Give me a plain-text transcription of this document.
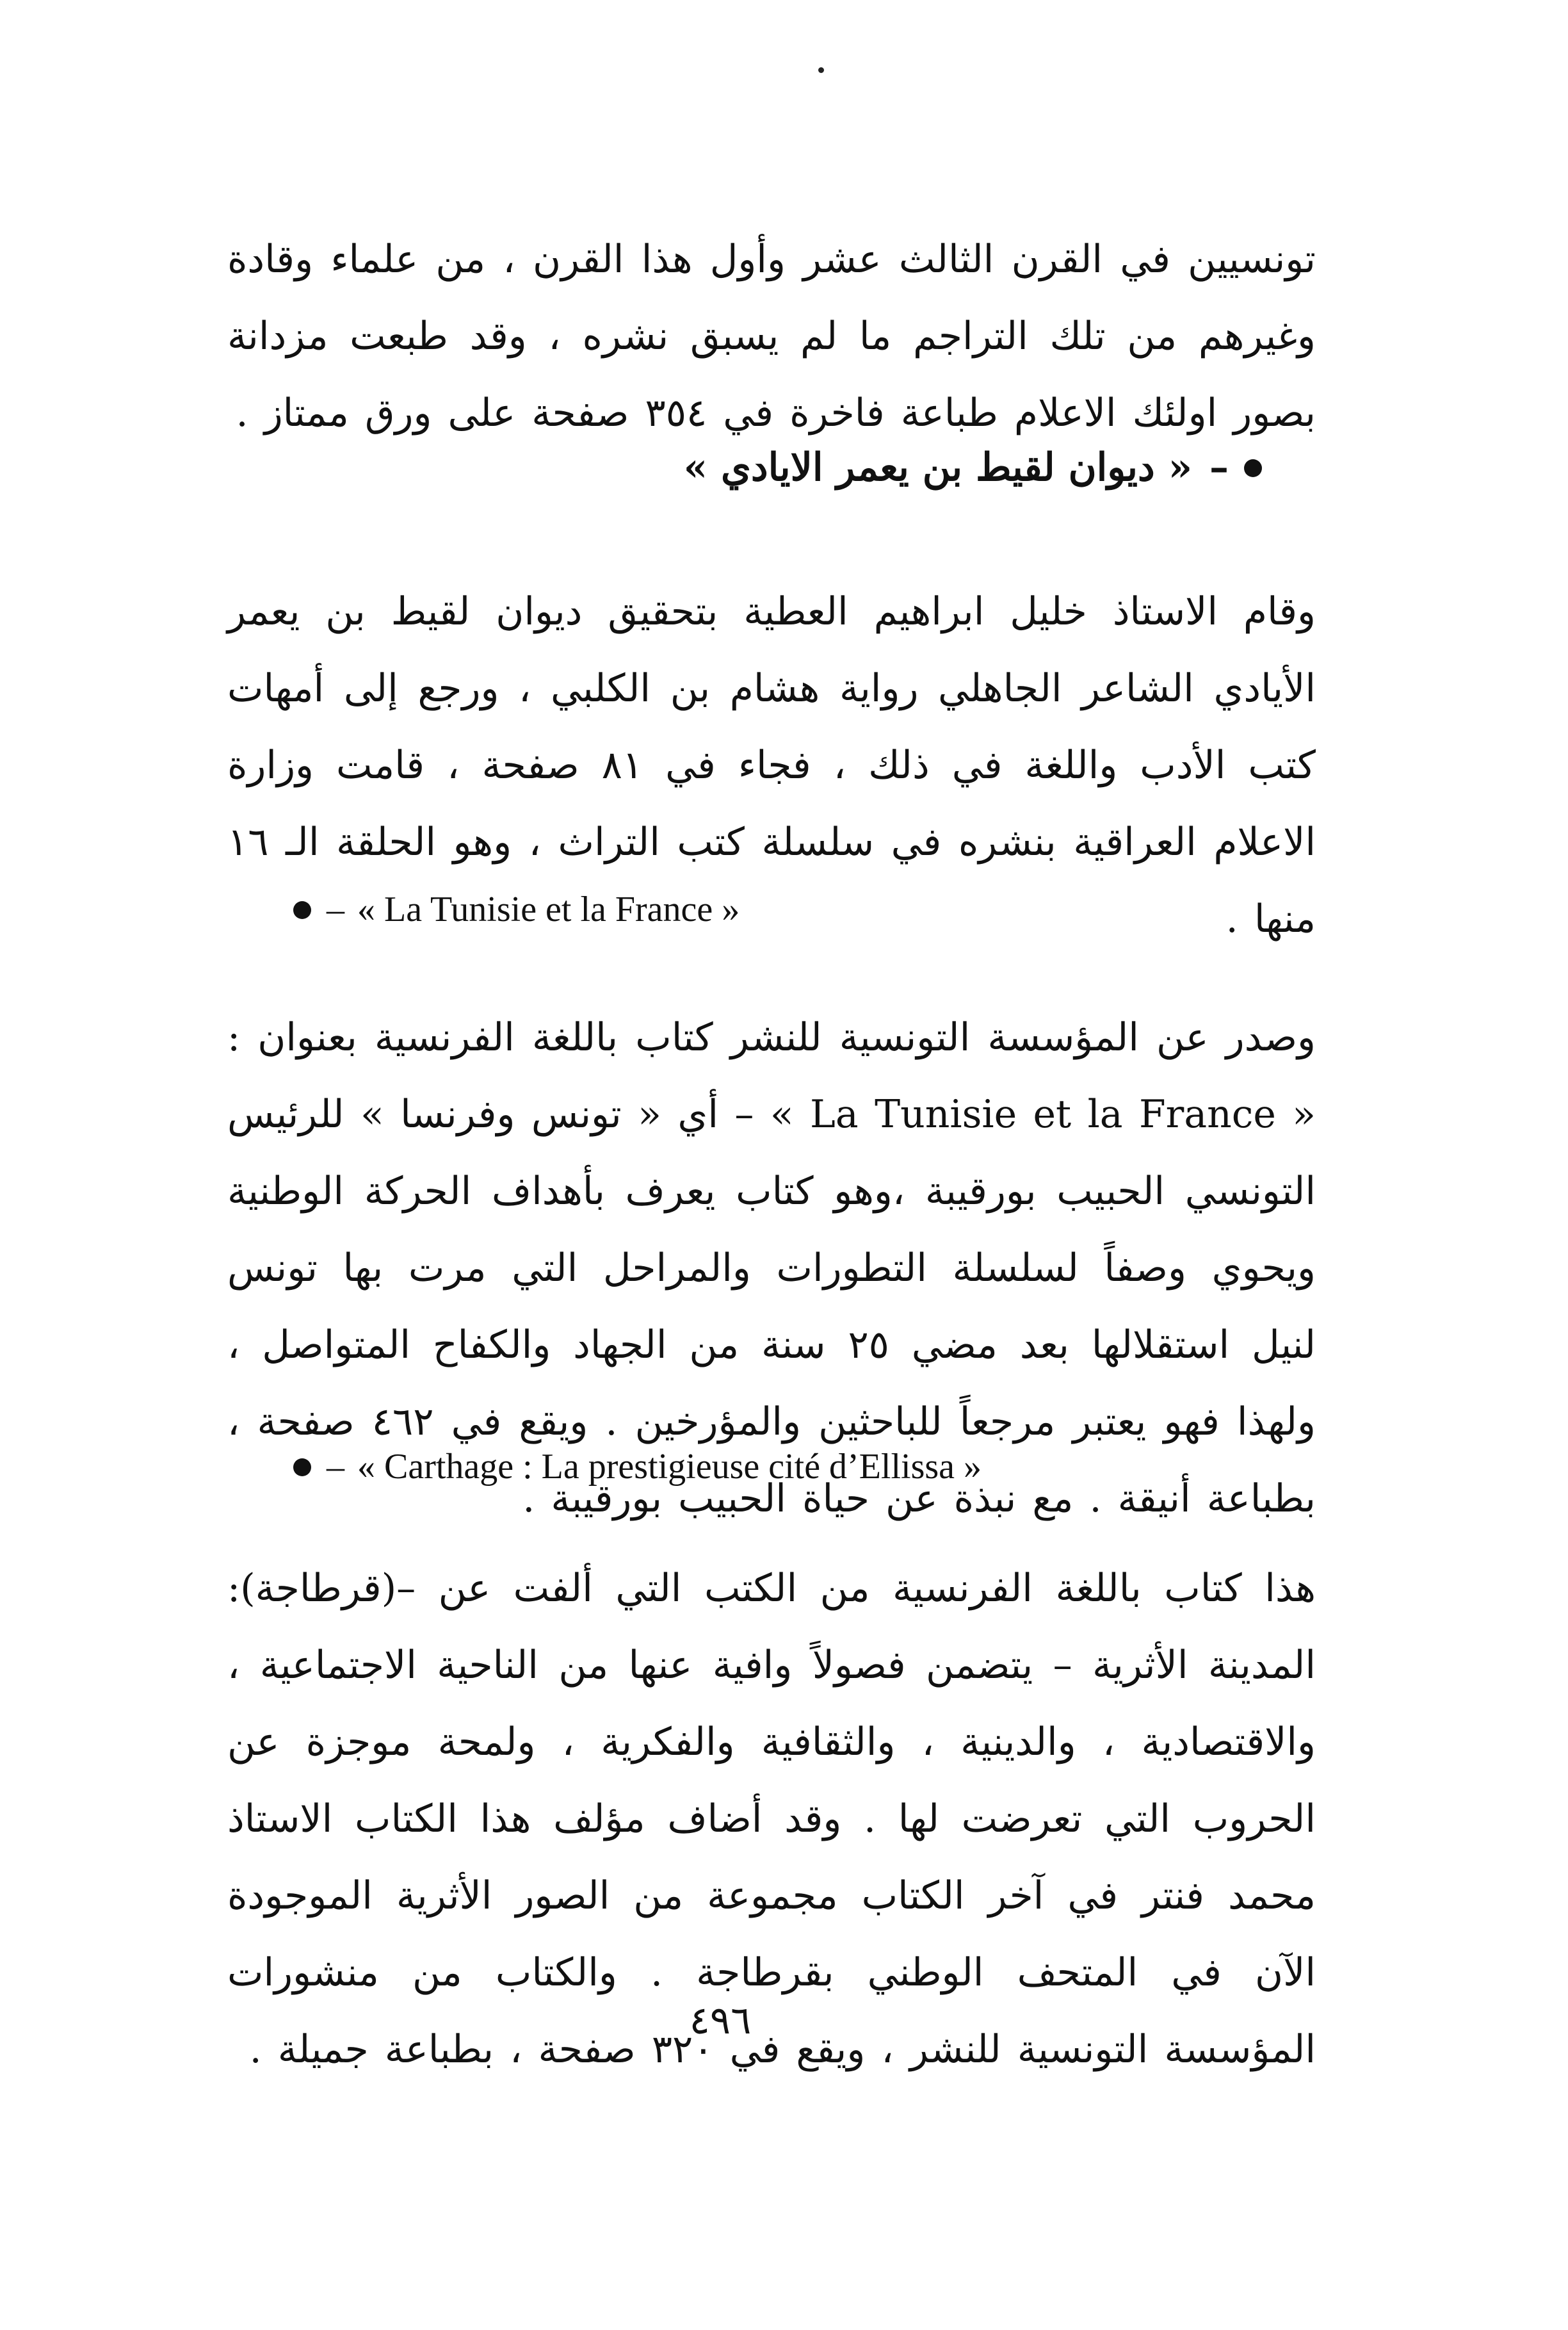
تونسيين في القرن الثالث عشر وأول هذا القرن ، من علماء وقادة وغيرهم من تلك التراجم ما لم يسبق نشره ، وقد طبعت مزدانة بصور اولئك الاعلام طباعة فاخرة في ٣٥٤ صفحة على ورق ممتاز .

– « ديوان لقيط بن يعمر الايادي »

وقام الاستاذ خليل ابراهيم العطية بتحقيق ديوان لقيط بن يعمر الأيادي الشاعر الجاهلي رواية هشام بن الكلبي ، ورجع إلى أمهات كتب الأدب واللغة في ذلك ، فجاء في ٨١ صفحة ، قامت وزارة الاعلام العراقية بنشره في سلسلة كتب التراث ، وهو الحلقة الـ ١٦ منها .

– « La Tunisie et la France »

وصدر عن المؤسسة التونسية للنشر كتاب باللغة الفرنسية بعنوان : « La Tunisie et la France » – أي « تونس وفرنسا » للرئيس التونسي الحبيب بورقيبة ،وهو كتاب يعرف بأهداف الحركة الوطنية ويحوي وصفاً لسلسلة التطورات والمراحل التي مرت بها تونس لنيل استقلالها بعد مضي ٢٥ سنة من الجهاد والكفاح المتواصل ، ولهذا فهو يعتبر مرجعاً للباحثين والمؤرخين . ويقع في ٤٦٢ صفحة ، بطباعة أنيقة . مع نبذة عن حياة الحبيب بورقيبة .

– « Carthage : La prestigieuse cité d’Ellissa »

هذا كتاب باللغة الفرنسية من الكتب التي ألفت عن –(قرطاجة): المدينة الأثرية – يتضمن فصولاً وافية عنها من الناحية الاجتماعية ، والاقتصادية ، والدينية ، والثقافية والفكرية ، ولمحة موجزة عن الحروب التي تعرضت لها . وقد أضاف مؤلف هذا الكتاب الاستاذ محمد فنتر في آخر الكتاب مجموعة من الصور الأثرية الموجودة الآن في المتحف الوطني بقرطاجة . والكتاب من منشورات المؤسسة التونسية للنشر ، ويقع في ٣٢٠ صفحة ، بطباعة جميلة .

٤٩٦
